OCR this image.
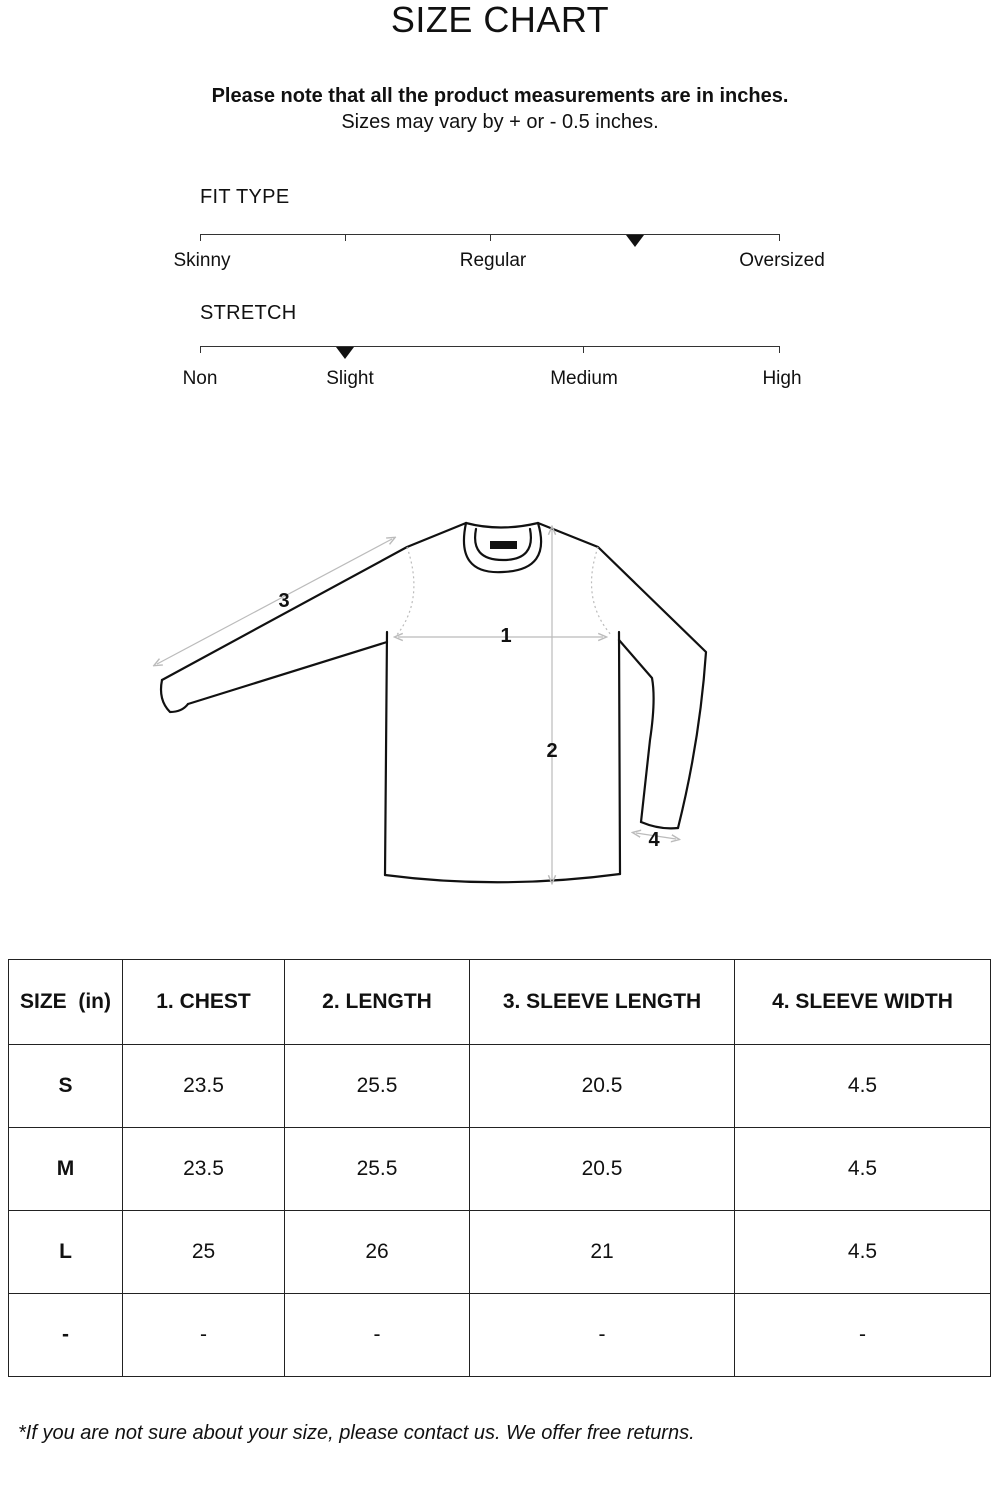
SIZE CHART
Please note that all the product measurements are in inches.
Sizes may vary by + or - 0.5 inches.
FIT TYPE
Skinny	Regular	Oversized
STRETCH
Non	Slight	Medium	High
1
2
3
4
SIZE  (in)	1. CHEST	2. LENGTH	3. SLEEVE LENGTH	4. SLEEVE WIDTH
S	23.5	25.5	20.5	4.5
M	23.5	25.5	20.5	4.5
L	25	26	21	4.5
-	-	-	-	-
*If you are not sure about your size, please contact us. We offer free returns.
